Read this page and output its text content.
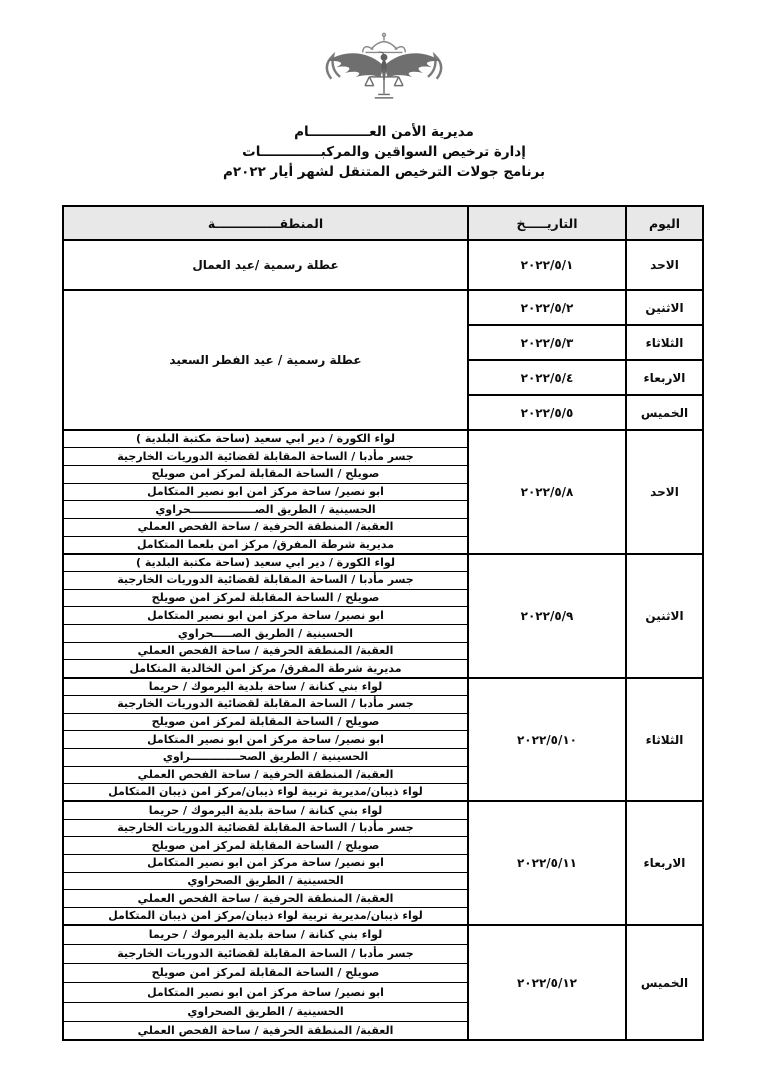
مديرية الأمن العـــــــــــــام
إدارة ترخيص السواقين والمركبـــــــــــــات
برنامج جولات الترخيص المتنقل لشهر أيار ٢٠٢٢م
اليوم	التاريـــــخ	المنطقـــــــــــــــة
الاحد	٢٠٢٢/٥/١	عطلة رسمية /عيد العمال
الاثنين	٢٠٢٢/٥/٢	عطلة رسمية / عيد الفطر السعيد
الثلاثاء	٢٠٢٢/٥/٣	
الاربعاء	٢٠٢٢/٥/٤	
الخميس	٢٠٢٢/٥/٥	
الاحد	٢٠٢٢/٥/٨	لواء الكورة / دير ابي سعيد (ساحة مكتبة البلدية )
		جسر مأدبا / الساحة المقابلة لقضائية الدوريات الخارجية
		صويلح / الساحة المقابلة لمركز امن صويلح
		ابو نصير/ ساحة مركز امن ابو نصير المتكامل
		الحسينية / الطريق الصـــــــــــــــــحراوي
		العقبة/ المنطقة الحرفية / ساحة الفحص العملي
		مديرية شرطة المفرق/ مركز امن بلعما المتكامل
الاثنين	٢٠٢٢/٥/٩	لواء الكورة / دير ابي سعيد (ساحة مكتبة البلدية )
		جسر مأدبا / الساحة المقابلة لقضائية الدوريات الخارجية
		صويلح / الساحة المقابلة لمركز امن صويلح
		ابو نصير/ ساحة مركز امن ابو نصير المتكامل
		الحسينية / الطريق الصـــــحراوي
		العقبة/ المنطقة الحرفية / ساحة الفحص العملي
		مديرية شرطة المفرق/ مركز امن الخالدية المتكامل
الثلاثاء	٢٠٢٢/٥/١٠	لواء بني كنانة / ساحة بلدية اليرموك / حريما
		جسر مأدبا / الساحة المقابلة لقضائية الدوريات الخارجية
		صويلح / الساحة المقابلة لمركز امن صويلح
		ابو نصير/ ساحة مركز امن ابو نصير المتكامل
		الحسينية / الطريق الصحـــــــــــــراوي
		العقبة/ المنطقة الحرفية / ساحة الفحص العملي
		لواء ذيبان/مديرية تربية لواء ذيبان/مركز امن ذيبان المتكامل
الاربعاء	٢٠٢٢/٥/١١	لواء بني كنانة / ساحة بلدية اليرموك / حريما
		جسر مأدبا / الساحة المقابلة لقضائية الدوريات الخارجية
		صويلح / الساحة المقابلة لمركز امن صويلح
		ابو نصير/ ساحة مركز امن ابو نصير المتكامل
		الحسينية / الطريق الصحراوي
		العقبة/ المنطقة الحرفية / ساحة الفحص العملي
		لواء ذيبان/مديرية تربية لواء ذيبان/مركز امن ذيبان المتكامل
الخميس	٢٠٢٢/٥/١٢	لواء بني كنانة / ساحة بلدية اليرموك / حريما
		جسر مأدبا / الساحة المقابلة لقضائية الدوريات الخارجية
		صويلح / الساحة المقابلة لمركز امن صويلح
		ابو نصير/ ساحة مركز امن ابو نصير المتكامل
		الحسينية / الطريق الصحراوي
		العقبة/ المنطقة الحرفية / ساحة الفحص العملي
